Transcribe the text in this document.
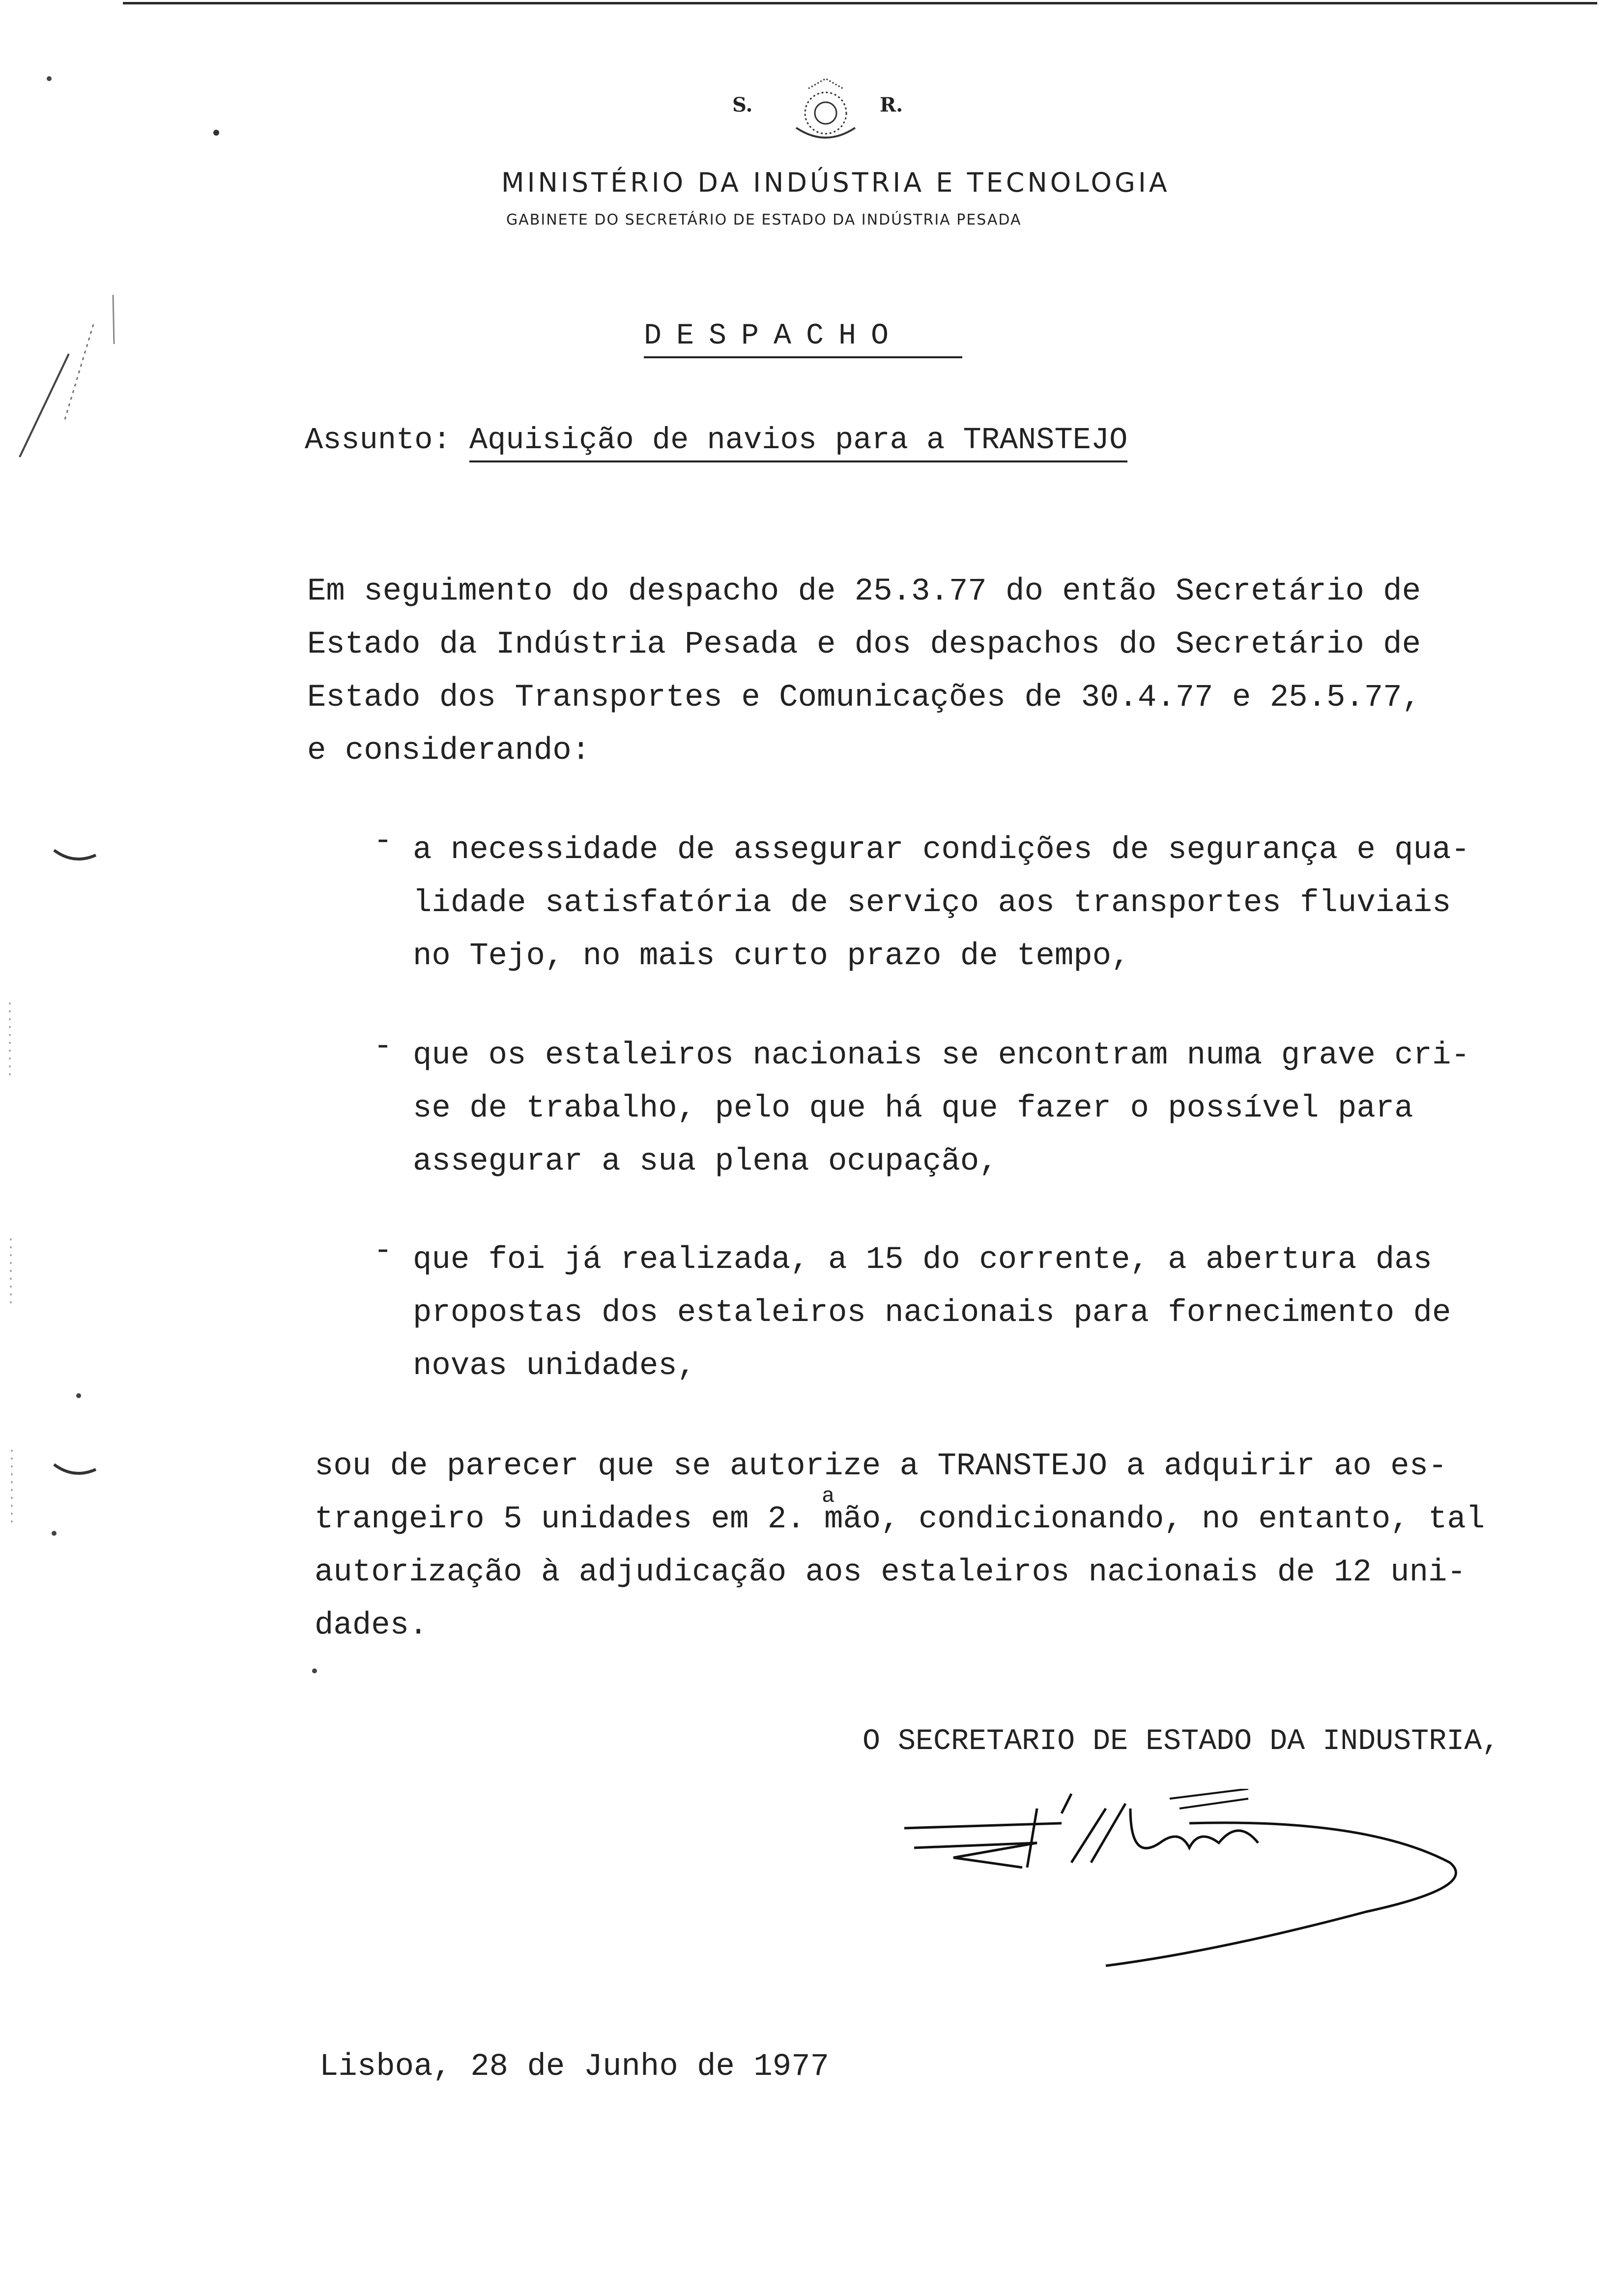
S.	R.
MINISTÉRIO DA INDÚSTRIA E TECNOLOGIA
GABINETE DO SECRETÁRIO DE ESTADO DA INDÚSTRIA PESADA
DESPACHO
Assunto: Aquisição de navios para a TRANSTEJO
Em seguimento do despacho de 25.3.77 do então Secretário de
Estado da Indústria Pesada e dos despachos do Secretário de
Estado dos Transportes e Comunicações de 30.4.77 e 25.5.77,
e considerando:
- a necessidade de assegurar condições de segurança e qua-
lidade satisfatória de serviço aos transportes fluviais
no Tejo, no mais curto prazo de tempo,
- que os estaleiros nacionais se encontram numa grave cri-
se de trabalho, pelo que há que fazer o possível para
assegurar a sua plena ocupação,
- que foi já realizada, a 15 do corrente, a abertura das
propostas dos estaleiros nacionais para fornecimento de
novas unidades,
sou de parecer que se autorize a TRANSTEJO a adquirir ao es-
trangeiro 5 unidades em 2. mão, condicionando, no entanto, tal
autorização à adjudicação aos estaleiros nacionais de 12 uni-
dades.
a
O SECRETARIO DE ESTADO DA INDUSTRIA,
Lisboa, 28 de Junho de 1977
